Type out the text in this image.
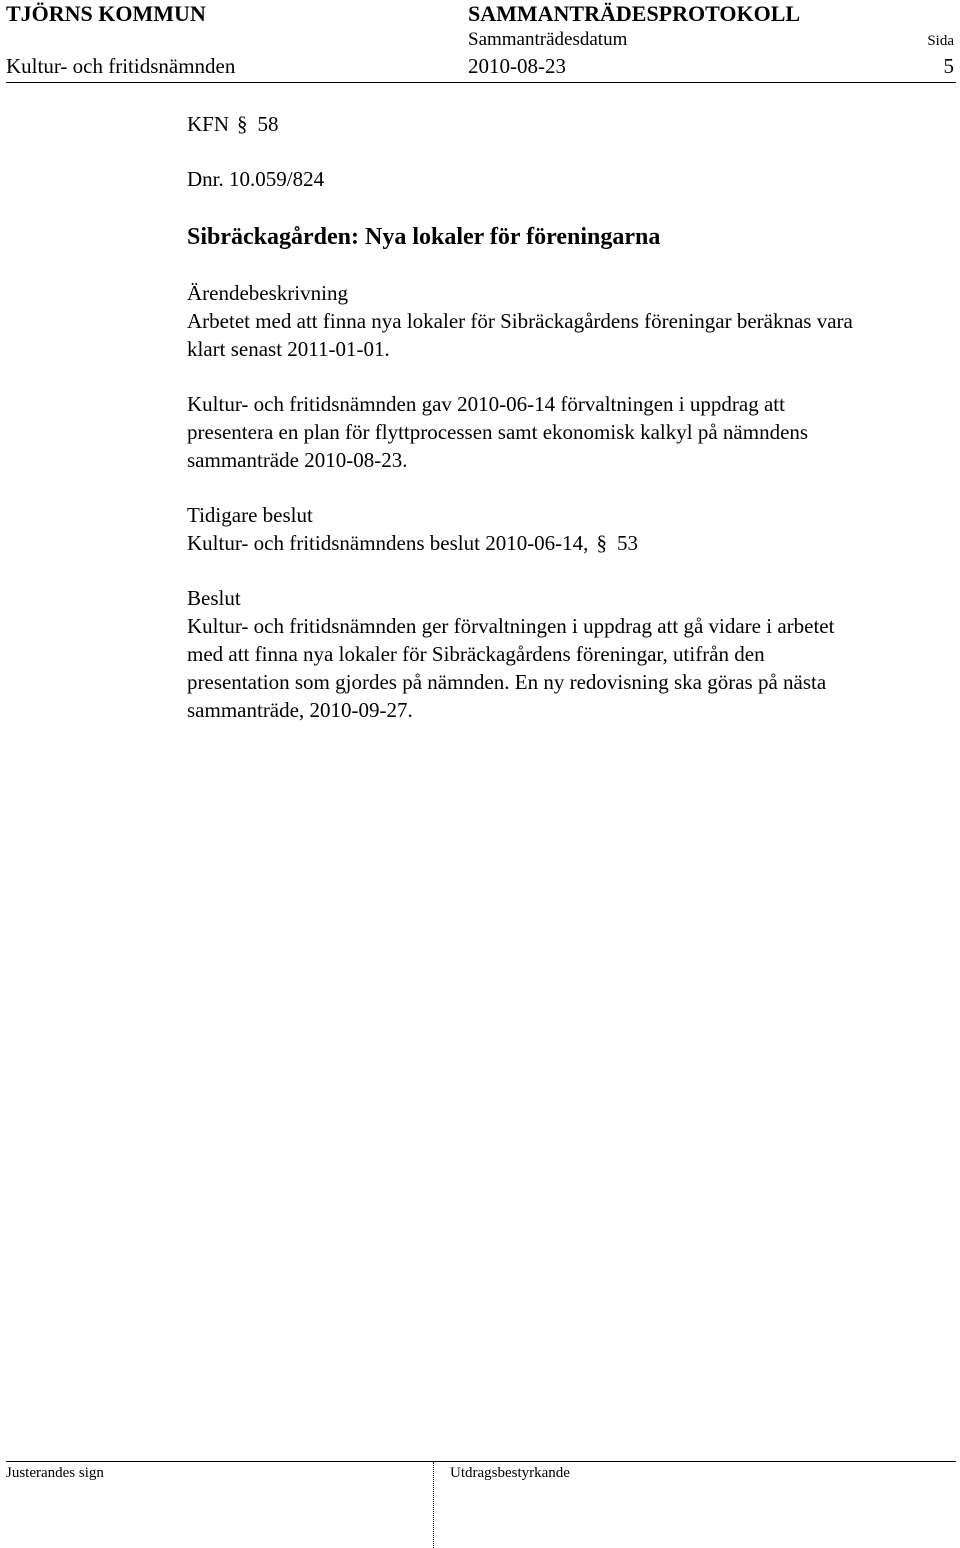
TJÖRNS KOMMUN	SAMMANTRÄDESPROTOKOLL
Sammanträdesdatum	Sida
Kultur- och fritidsnämnden	2010-08-23	5

KFN § 58

Dnr. 10.059/824

Sibräckagården: Nya lokaler för föreningarna

Ärendebeskrivning

Arbetet med att finna nya lokaler för Sibräckagårdens föreningar beräknas vara

klart senast 2011-01-01.

Kultur- och fritidsnämnden gav 2010-06-14 förvaltningen i uppdrag att

presentera en plan för flyttprocessen samt ekonomisk kalkyl på nämndens

sammanträde 2010-08-23.

Tidigare beslut

Kultur- och fritidsnämndens beslut 2010-06-14, § 53

Beslut

Kultur- och fritidsnämnden ger förvaltningen i uppdrag att gå vidare i arbetet

med att finna nya lokaler för Sibräckagårdens föreningar, utifrån den

presentation som gjordes på nämnden. En ny redovisning ska göras på nästa

sammanträde, 2010-09-27.

Justerandes sign	Utdragsbestyrkande
